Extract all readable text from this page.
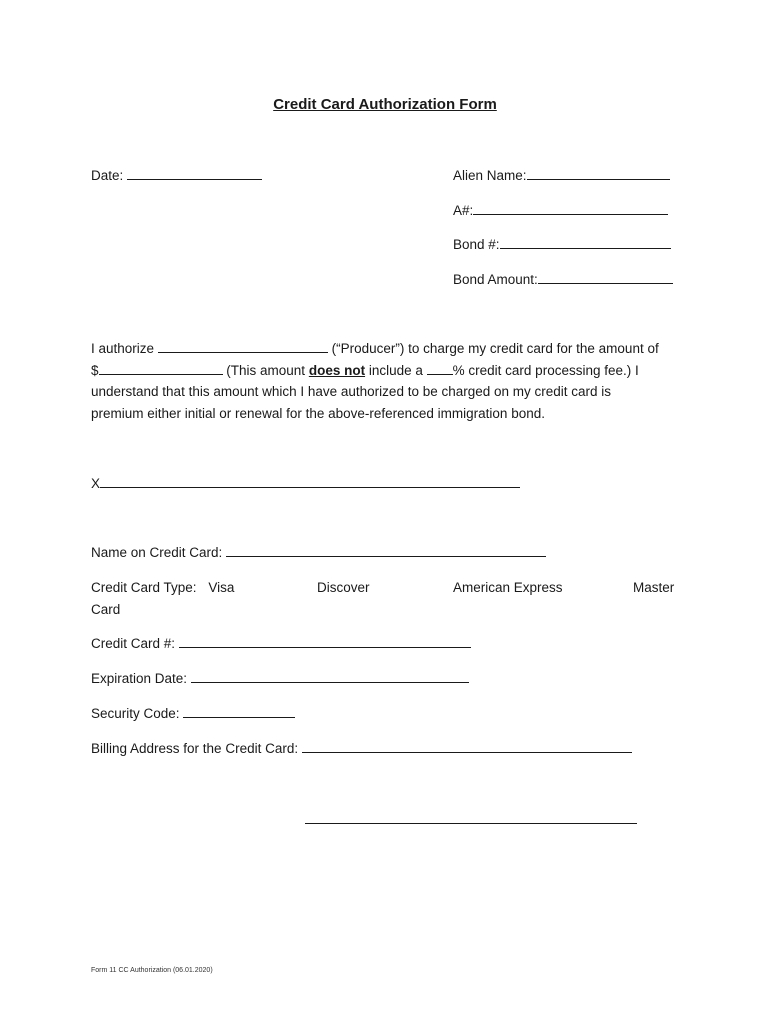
Credit Card Authorization Form
Date:	Alien Name:
A#:
Bond #:
Bond Amount:
I authorize	(“Producer”) to charge my credit card for the amount of
$	(This amount does not include a % credit card processing fee.) I
understand that this amount which I have authorized to be charged on my credit card is
premium either initial or renewal for the above-referenced immigration bond.
X
Name on Credit Card:
Credit Card Type: Visa	Discover	American Express	Master
Card
Credit Card #:
Expiration Date:
Security Code:
Billing Address for the Credit Card:
Form 11 CC Authorization (06.01.2020)
